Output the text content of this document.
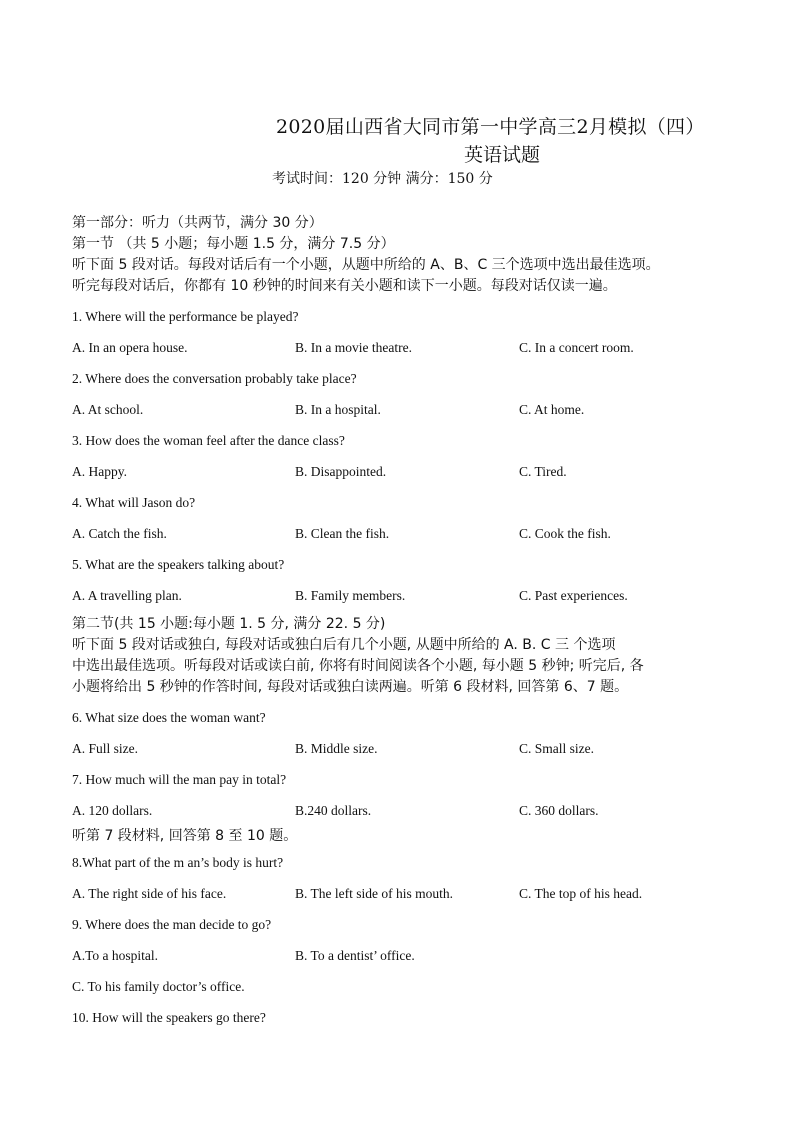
2020届山西省大同市第一中学高三2月模拟（四）
英语试题
考试时间：120 分钟 满分：150 分
第一部分：听力（共两节，满分 30 分）
第一节 （共 5 小题；每小题 1.5 分，满分 7.5 分）
听下面 5 段对话。每段对话后有一个小题，从题中所给的 A、B、C 三个选项中选出最佳选项。
听完每段对话后，你都有 10 秒钟的时间来有关小题和读下一小题。每段对话仅读一遍。
1. Where will the performance be played?
A. In an opera house.	B. In a movie theatre.	C. In a concert room.
2. Where does the conversation probably take place?
A. At school.	B. In a hospital.	C. At home.
3. How does the woman feel after the dance class?
A. Happy.	B. Disappointed.	C. Tired.
4. What will Jason do?
A. Catch the fish.	B. Clean the fish.	C. Cook the fish.
5. What are the speakers talking about?
A. A travelling plan.	B. Family members.	C. Past experiences.
第二节(共 15 小题:每小题 1. 5 分, 满分 22. 5 分)
听下面 5 段对话或独白, 每段对话或独白后有几个小题, 从题中所给的 A. B. C 三 个选项
中选出最佳选项。听每段对话或读白前, 你将有时间阅读各个小题, 每小题 5 秒钟; 听完后, 各
小题将给出 5 秒钟的作答时间, 每段对话或独白读两遍。听第 6 段材料, 回答第 6、7 题。
6. What size does the woman want?
A. Full size.	B. Middle size.	C. Small size.
7. How much will the man pay in total?
A. 120 dollars.	B.240 dollars.	C. 360 dollars.
听第 7 段材料, 回答第 8 至 10 题。
8.What part of the m an’s body is hurt?
A. The right side of his face.	B. The left side of his mouth.	C. The top of his head.
9. Where does the man decide to go?
A.To a hospital.	B. To a dentist’ office.
C. To his family doctor’s office.
10. How will the speakers go there?
